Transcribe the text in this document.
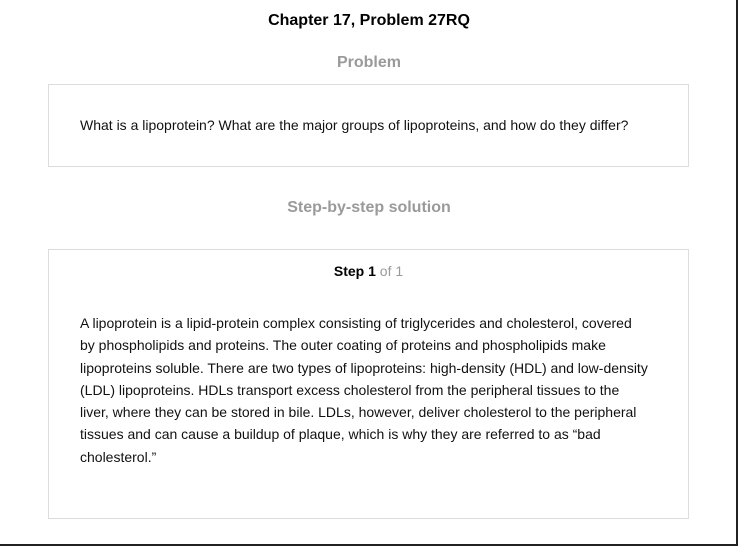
Chapter 17, Problem 27RQ
Problem
What is a lipoprotein? What are the major groups of lipoproteins, and how do they differ?
Step-by-step solution
Step 1 of 1
A lipoprotein is a lipid-protein complex consisting of triglycerides and cholesterol, covered
by phospholipids and proteins. The outer coating of proteins and phospholipids make
lipoproteins soluble. There are two types of lipoproteins: high-density (HDL) and low-density
(LDL) lipoproteins. HDLs transport excess cholesterol from the peripheral tissues to the
liver, where they can be stored in bile. LDLs, however, deliver cholesterol to the peripheral
tissues and can cause a buildup of plaque, which is why they are referred to as “bad
cholesterol.”
